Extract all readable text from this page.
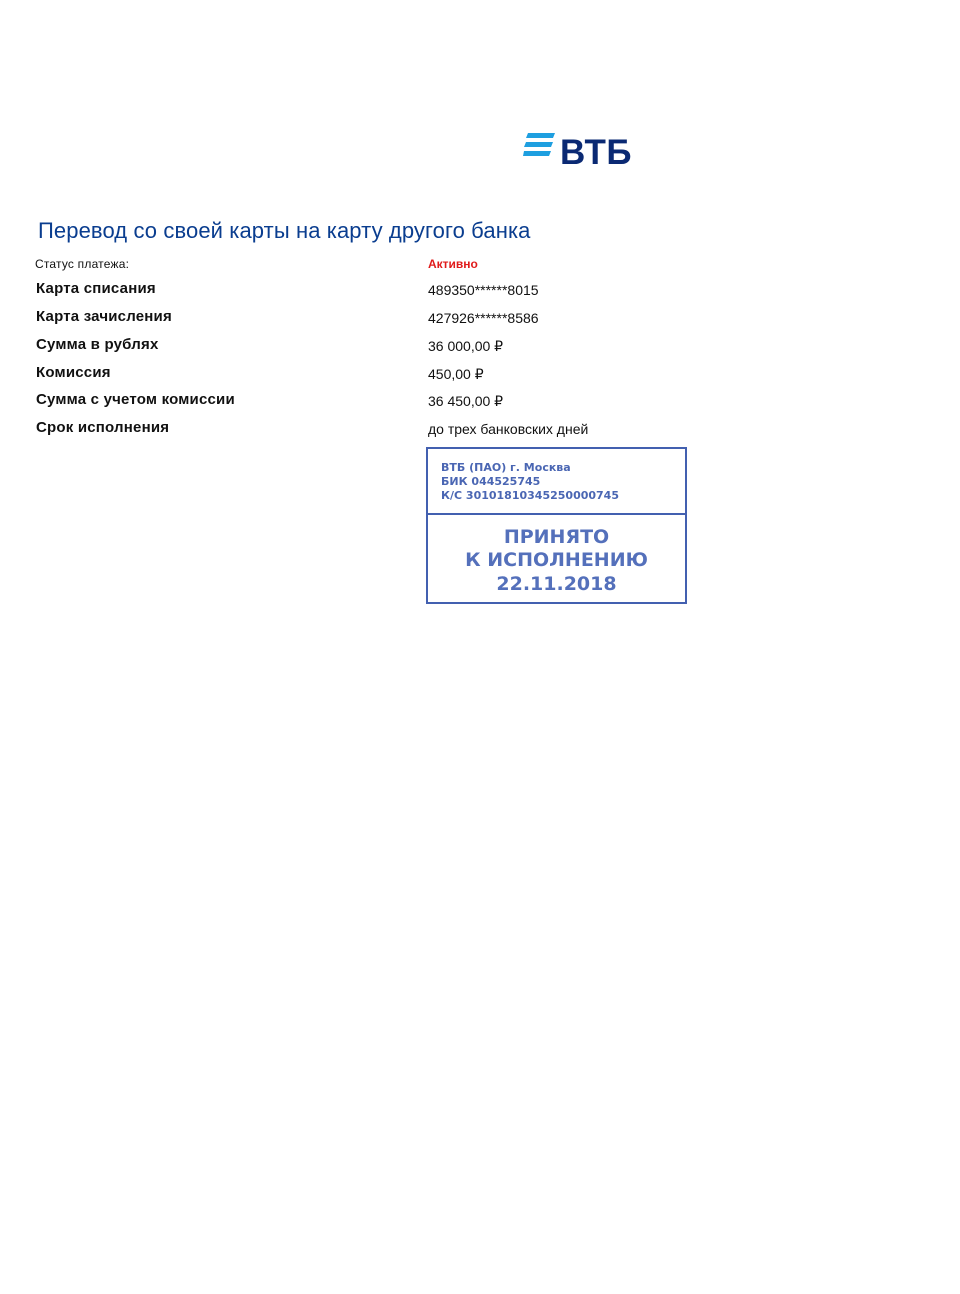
ВТБ
Перевод со своей карты на карту другого банка
Статус платежа:	Активно
Карта списания	489350******8015
Карта зачисления	427926******8586
Сумма в рублях	36 000,00 ₽
Комиссия	450,00 ₽
Сумма с учетом комиссии	36 450,00 ₽
Срок исполнения	до трех банковских дней
ВТБ (ПАО) г. Москва
БИК 044525745
К/С 30101810345250000745
ПРИНЯТО
К ИСПОЛНЕНИЮ
22.11.2018
